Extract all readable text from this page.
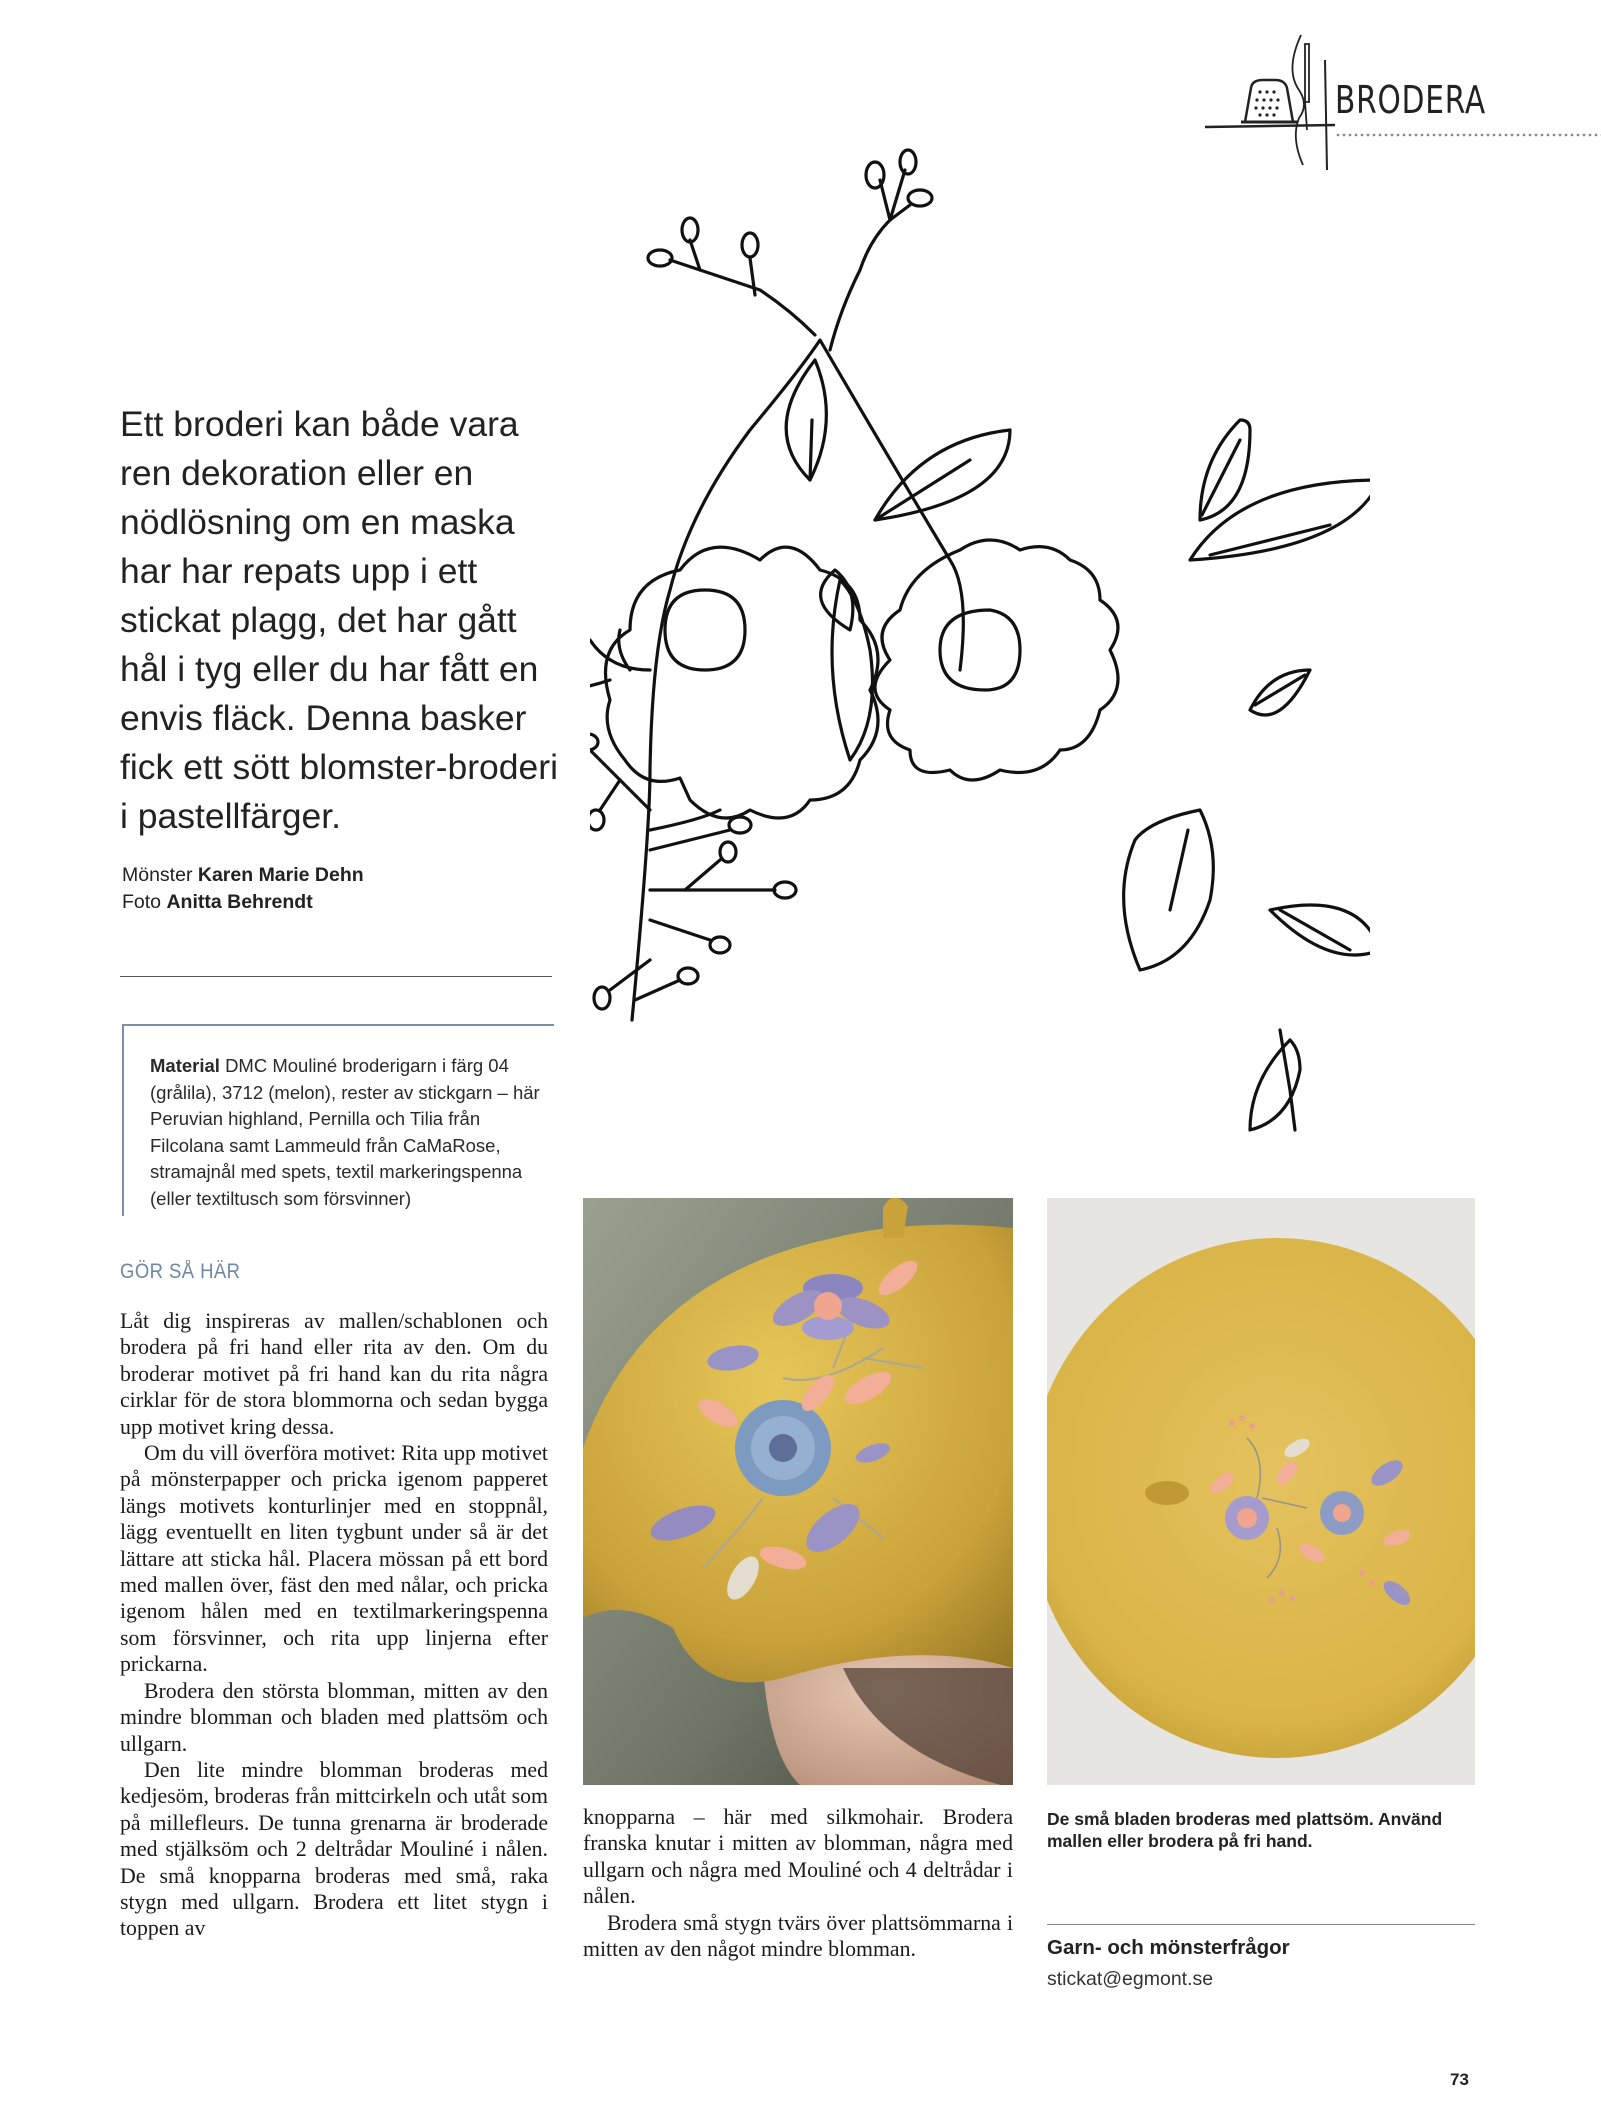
BRODERA
Ett broderi kan både vara ren dekoration eller en nödlösning om en maska har har repats upp i ett stickat plagg, det har gått hål i tyg eller du har fått en envis fläck. Denna basker fick ett sött blomster-broderi i pastellfärger.
Mönster Karen Marie Dehn
Foto Anitta Behrendt
Material DMC Mouliné broderigarn i färg 04 (grålila), 3712 (melon), rester av stickgarn – här Peruvian highland, Pernilla och Tilia från Filcolana samt Lammeuld från CaMaRose, stramajnål med spets, textil markeringspenna (eller textiltusch som försvinner)
GÖR SÅ HÄR

Låt dig inspireras av mallen/schablonen och brodera på fri hand eller rita av den. Om du broderar motivet på fri hand kan du rita några cirklar för de stora blommorna och sedan bygga upp motivet kring dessa.

Om du vill överföra motivet: Rita upp motivet på mönsterpapper och pricka igenom papperet längs motivets konturlinjer med en stoppnål, lägg eventuellt en liten tygbunt under så är det lättare att sticka hål. Placera mössan på ett bord med mallen över, fäst den med nålar, och pricka igenom hålen med en textilmarkeringspenna som försvinner, och rita upp linjerna efter prickarna.

Brodera den största blomman, mitten av den mindre blomman och bladen med plattsöm och ullgarn.

Den lite mindre blomman broderas med kedjesöm, broderas från mittcirkeln och utåt som på millefleurs. De tunna grenarna är broderade med stjälksöm och 2 deltrådar Mouliné i nålen. De små knopparna broderas med små, raka stygn med ullgarn. Brodera ett litet stygn i toppen av

knopparna – här med silkmohair. Brodera franska knutar i mitten av blomman, några med ullgarn och några med Mouliné och 4 deltrådar i nålen.

Brodera små stygn tvärs över plattsömmarna i mitten av den något mindre blomman.

De små bladen broderas med plattsöm. Använd mallen eller brodera på fri hand.
Garn- och mönsterfrågor
stickat@egmont.se
73
